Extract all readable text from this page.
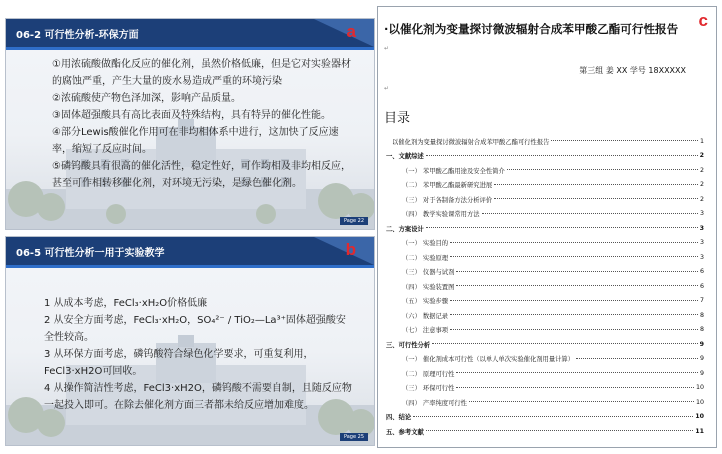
06-2 可行性分析-环保方面	a

①用浓硫酸做酯化反应的催化剂，虽然价格低廉，但是它对实验器材的腐蚀严重，产生大量的废水易造成严重的环境污染

②浓硫酸使产物色泽加深，影响产品质量。

③固体超强酸具有高比表面及特殊结构，具有特异的催化性能。

④部分Lewis酸催化作用可在非均相体系中进行，这加快了反应速率，缩短了反应时间。

⑤磷钨酸具有很高的催化活性，稳定性好，可作均相及非均相反应，甚至可作相转移催化剂，对环境无污染，是绿色催化剂。

Page 22
06-5 可行性分析一用于实验教学	b

1 从成本考虑，FeCl₃·xH₂O价格低廉

2 从安全方面考虑，FeCl₃·xH₂O，SO₄²⁻ / TiO₂—La³⁺固体超强酸安全性较高。

3 从环保方面考虑，磷钨酸符合绿色化学要求，可重复利用，FeCl3·xH2O可回收。

4 从操作简洁性考虑，FeCl3·xH2O，磷钨酸不需要自制，且随反应物一起投入即可。在除去催化剂方面三者都未给反应增加难度。

Page 25
c
·以催化剂为变量探讨微波辐射合成苯甲酸乙酯可行性报告
↵
第三组 姜 XX 学号 18XXXXX
↵
目录
以催化剂为变量探讨微波辐射合成苯甲酸乙酯可行性报告	1
一、文献综述	2
（一） 苯甲酸乙酯用途及安全性简介	2
（二） 苯甲酸乙酯最新研究进展	2
（三） 对于各制备方法分析评价	2
（四） 教学实验课常用方法	3
二、方案设计	3
（一） 实验目的	3
（二） 实验原理	3
（三） 仪器与试剂	6
（四） 实验装置图	6
（五） 实验步骤	7
（六） 数据记录	8
（七） 注意事项	8
三、可行性分析	9
（一） 催化剂成本可行性（以单人单次实验催化剂用量计算）	9
（二） 原理可行性	9
（三） 环保可行性	10
（四） 产率纯度可行性	10
四、结论	10
五、参考文献	11
